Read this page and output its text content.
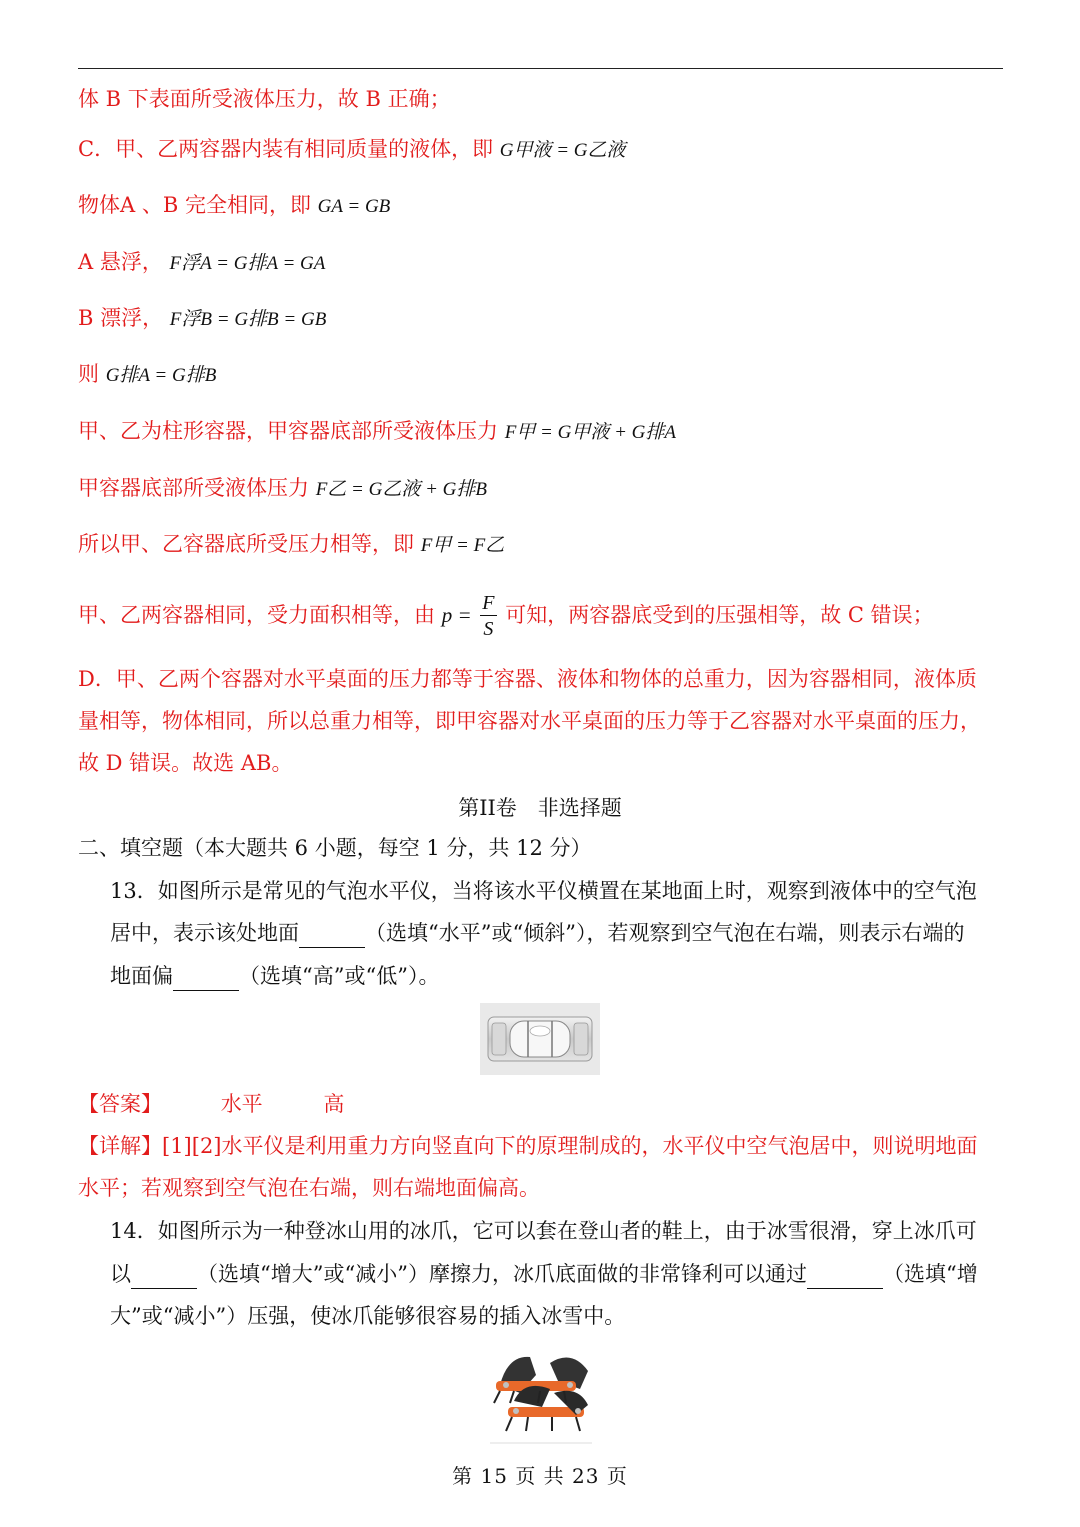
体 B 下表面所受液体压力，故 B 正确；
C．甲、乙两容器内装有相同质量的液体，即 G甲液 = G乙液
物体A 、B 完全相同，即 GA = GB
A 悬浮， F浮A = G排A = GA
B 漂浮， F浮B = G排B = GB
则 G排A = G排B
甲、乙为柱形容器，甲容器底部所受液体压力 F甲 = G甲液 + G排A
甲容器底部所受液体压力 F乙 = G乙液 + G排B
所以甲、乙容器底所受压力相等，即 F甲 = F乙
甲、乙两容器相同，受力面积相等，由 $p = \frac{F}{S}$ 可知，两容器底受到的压强相等，故 C 错误；
D．甲、乙两个容器对水平桌面的压力都等于容器、液体和物体的总重力，因为容器相同，液体质
量相等，物体相同，所以总重力相等，即甲容器对水平桌面的压力等于乙容器对水平桌面的压力，
故 D 错误。故选 AB。
第II卷　非选择题
二、填空题（本大题共 6 小题，每空 1 分，共 12 分）
13．如图所示是常见的气泡水平仪，当将该水平仪横置在某地面上时，观察到液体中的空气泡
居中，表示该处地面	（选填“水平”或“倾斜”），若观察到空气泡在右端，则表示右端的
地面偏	（选填“高”或“低”）。
【答案】	水平	高
【详解】[1][2]水平仪是利用重力方向竖直向下的原理制成的，水平仪中空气泡居中，则说明地面
水平；若观察到空气泡在右端，则右端地面偏高。
14．如图所示为一种登冰山用的冰爪，它可以套在登山者的鞋上，由于冰雪很滑，穿上冰爪可
以	（选填“增大”或“减小”）摩擦力，冰爪底面做的非常锋利可以通过	（选填“增
大”或“减小”）压强，使冰爪能够很容易的插入冰雪中。
第 15 页 共 23 页
